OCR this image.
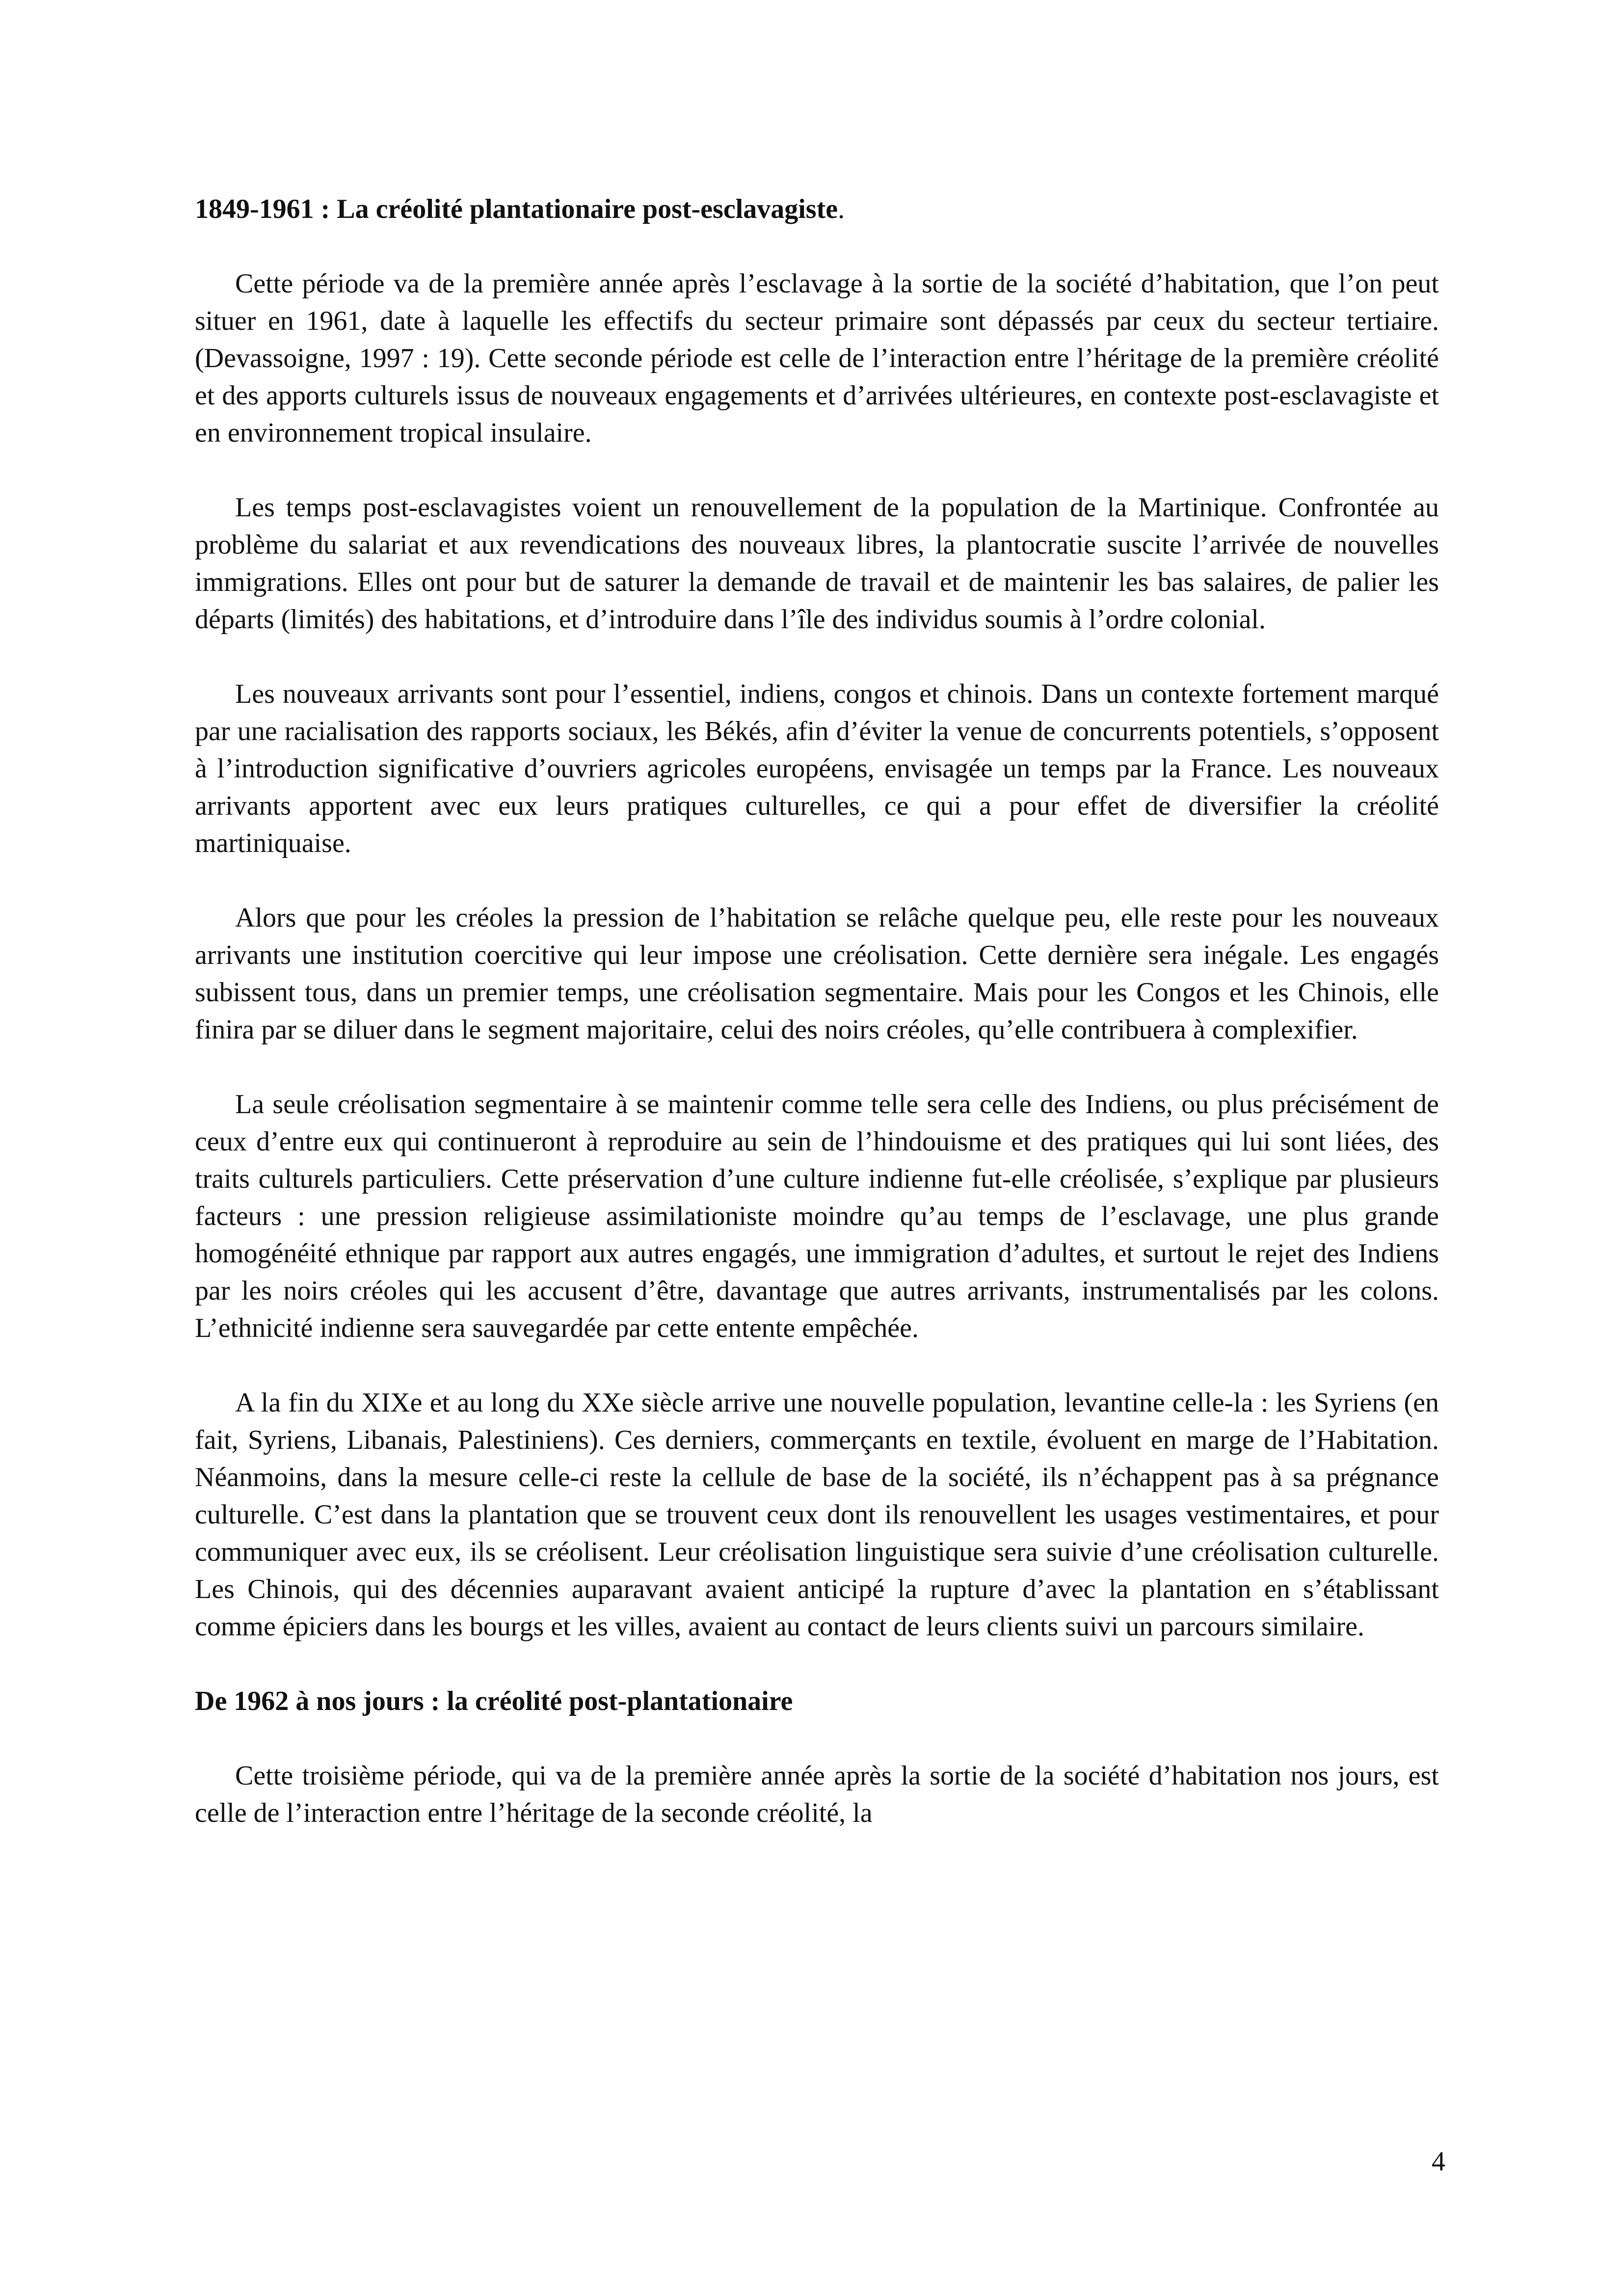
1849-1961 : La créolité plantationaire post-esclavagiste.

Cette période va de la première année après l’esclavage à la sortie de la société d’habitation, que l’on peut situer en 1961, date à laquelle les effectifs du secteur primaire sont dépassés par ceux du secteur tertiaire. (Devassoigne, 1997 : 19). Cette seconde période est celle de l’interaction entre l’héritage de la première créolité et des apports culturels issus de nouveaux engagements et d’arrivées ultérieures, en contexte post-esclavagiste et en environnement tropical insulaire.

Les temps post-esclavagistes voient un renouvellement de la population de la Martinique. Confrontée au problème du salariat et aux revendications des nouveaux libres, la plantocratie suscite l’arrivée de nouvelles immigrations. Elles ont pour but de saturer la demande de travail et de maintenir les bas salaires, de palier les départs (limités) des habitations, et d’introduire dans l’île des individus soumis à l’ordre colonial.

Les nouveaux arrivants sont pour l’essentiel, indiens, congos et chinois. Dans un contexte fortement marqué par une racialisation des rapports sociaux, les Békés, afin d’éviter la venue de concurrents potentiels, s’opposent à l’introduction significative d’ouvriers agricoles européens, envisagée un temps par la France. Les nouveaux arrivants apportent avec eux leurs pratiques culturelles, ce qui a pour effet de diversifier la créolité martiniquaise.

Alors que pour les créoles la pression de l’habitation se relâche quelque peu, elle reste pour les nouveaux arrivants une institution coercitive qui leur impose une créolisation. Cette dernière sera inégale. Les engagés subissent tous, dans un premier temps, une créolisation segmentaire. Mais pour les Congos et les Chinois, elle finira par se diluer dans le segment majoritaire, celui des noirs créoles, qu’elle contribuera à complexifier.

La seule créolisation segmentaire à se maintenir comme telle sera celle des Indiens, ou plus précisément de ceux d’entre eux qui continueront à reproduire au sein de l’hindouisme et des pratiques qui lui sont liées, des traits culturels particuliers. Cette préservation d’une culture indienne fut-elle créolisée, s’explique par plusieurs facteurs : une pression religieuse assimilationiste moindre qu’au temps de l’esclavage, une plus grande homogénéité ethnique par rapport aux autres engagés, une immigration d’adultes, et surtout le rejet des Indiens par les noirs créoles qui les accusent d’être, davantage que autres arrivants, instrumentalisés par les colons. L’ethnicité indienne sera sauvegardée par cette entente empêchée.

A la fin du XIXe et au long du XXe siècle arrive une nouvelle population, levantine celle-la : les Syriens (en fait, Syriens, Libanais, Palestiniens). Ces derniers, commerçants en textile, évoluent en marge de l’Habitation. Néanmoins, dans la mesure celle-ci reste la cellule de base de la société, ils n’échappent pas à sa prégnance culturelle. C’est dans la plantation que se trouvent ceux dont ils renouvellent les usages vestimentaires, et pour communiquer avec eux, ils se créolisent. Leur créolisation linguistique sera suivie d’une créolisation culturelle. Les Chinois, qui des décennies auparavant avaient anticipé la rupture d’avec la plantation en s’établissant comme épiciers dans les bourgs et les villes, avaient au contact de leurs clients suivi un parcours similaire.

De 1962 à nos jours : la créolité post-plantationaire

Cette troisième période, qui va de la première année après la sortie de la société d’habitation nos jours, est celle de l’interaction entre l’héritage de la seconde créolité, la

4
